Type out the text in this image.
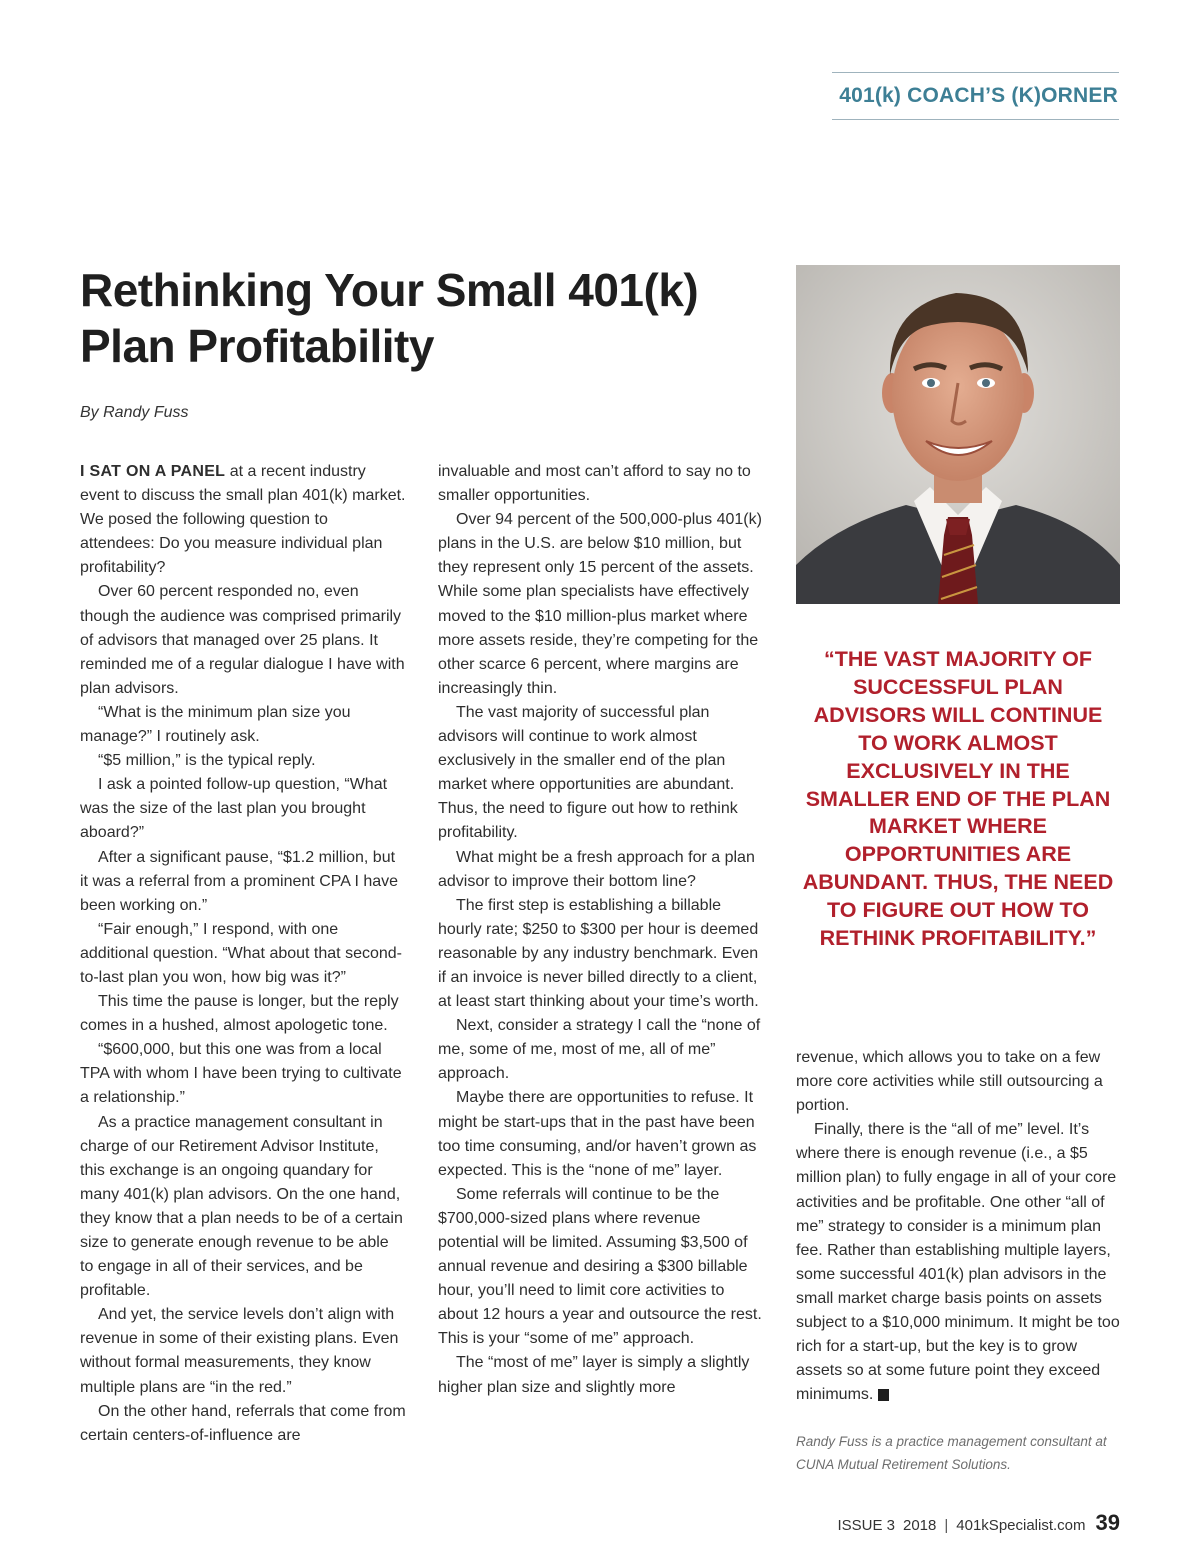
401(k) COACH’S (K)ORNER
Rethinking Your Small 401(k) Plan Profitability
By Randy Fuss

I SAT ON A PANEL at a recent industry event to discuss the small plan 401(k) market. We posed the following question to attendees: Do you measure individual plan profitability?

Over 60 percent responded no, even though the audience was comprised primarily of advisors that managed over 25 plans. It reminded me of a regular dialogue I have with plan advisors.

“What is the minimum plan size you manage?” I routinely ask.

“$5 million,” is the typical reply.

I ask a pointed follow-up question, “What was the size of the last plan you brought aboard?”

After a significant pause, “$1.2 million, but it was a referral from a prominent CPA I have been working on.”

“Fair enough,” I respond, with one additional question. “What about that second-to-last plan you won, how big was it?”

This time the pause is longer, but the reply comes in a hushed, almost apologetic tone.

“$600,000, but this one was from a local TPA with whom I have been trying to cultivate a relationship.”

As a practice management consultant in charge of our Retirement Advisor Institute, this exchange is an ongoing quandary for many 401(k) plan advisors. On the one hand, they know that a plan needs to be of a certain size to generate enough revenue to be able to engage in all of their services, and be profitable.

And yet, the service levels don’t align with revenue in some of their existing plans. Even without formal measurements, they know multiple plans are “in the red.”

On the other hand, referrals that come from certain centers-of-influence are

invaluable and most can’t afford to say no to smaller opportunities.

Over 94 percent of the 500,000-plus 401(k) plans in the U.S. are below $10 million, but they represent only 15 percent of the assets. While some plan specialists have effectively moved to the $10 million-plus market where more assets reside, they’re competing for the other scarce 6 percent, where margins are increasingly thin.

The vast majority of successful plan advisors will continue to work almost exclusively in the smaller end of the plan market where opportunities are abundant. Thus, the need to figure out how to rethink profitability.

What might be a fresh approach for a plan advisor to improve their bottom line?

The first step is establishing a billable hourly rate; $250 to $300 per hour is deemed reasonable by any industry benchmark. Even if an invoice is never billed directly to a client, at least start thinking about your time’s worth.

Next, consider a strategy I call the “none of me, some of me, most of me, all of me” approach.

Maybe there are opportunities to refuse. It might be start-ups that in the past have been too time consuming, and/or haven’t grown as expected. This is the “none of me” layer.

Some referrals will continue to be the $700,000-sized plans where revenue potential will be limited. Assuming $3,500 of annual revenue and desiring a $300 billable hour, you’ll need to limit core activities to about 12 hours a year and outsource the rest. This is your “some of me” approach.

The “most of me” layer is simply a slightly higher plan size and slightly more

“THE VAST MAJORITY OF SUCCESSFUL PLAN ADVISORS WILL CONTINUE TO WORK ALMOST EXCLUSIVELY IN THE SMALLER END OF THE PLAN MARKET WHERE OPPORTUNITIES ARE ABUNDANT. THUS, THE NEED TO FIGURE OUT HOW TO RETHINK PROFITABILITY.”

revenue, which allows you to take on a few more core activities while still outsourcing a portion.

Finally, there is the “all of me” level. It’s where there is enough revenue (i.e., a $5 million plan) to fully engage in all of your core activities and be profitable. One other “all of me” strategy to consider is a minimum plan fee. Rather than establishing multiple layers, some successful 401(k) plan advisors in the small market charge basis points on assets subject to a $10,000 minimum. It might be too rich for a start-up, but the key is to grow assets so at some future point they exceed minimums. K

Randy Fuss is a practice management consultant at CUNA Mutual Retirement Solutions.
ISSUE 3 2018 | 401kSpecialist.com 39
